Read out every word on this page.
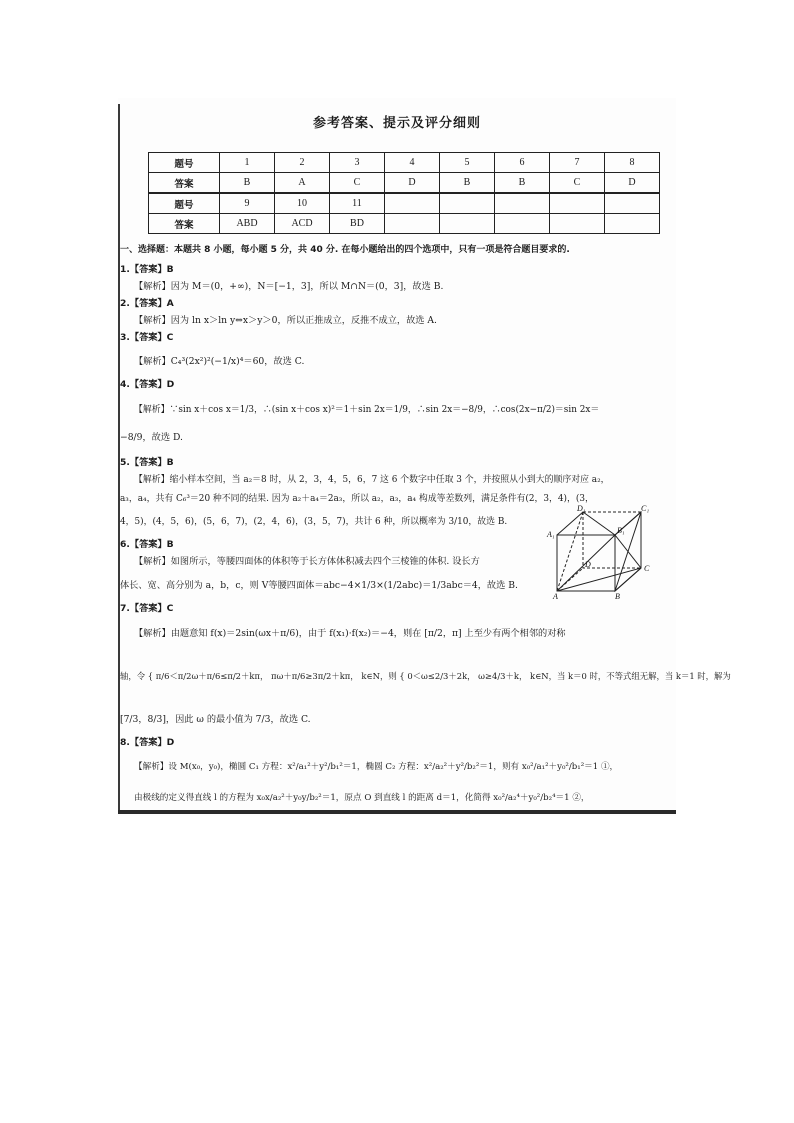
参考答案、提示及评分细则
题号	1	2	3	4	5	6	7	8
答案	B	A	C	D	B	B	C	D
题号	9	10	11					
答案	ABD	ACD	BD					
一、选择题：本题共 8 小题，每小题 5 分，共 40 分. 在每小题给出的四个选项中，只有一项是符合题目要求的.
1.【答案】B
【解析】因为 M＝(0，+∞)，N＝[−1，3]，所以 M∩N＝(0，3]，故选 B.
2.【答案】A
【解析】因为 ln x＞ln y⇔x＞y＞0，所以正推成立，反推不成立，故选 A.
3.【答案】C
【解析】C₄³(2x²)²(−1/x)⁴＝60，故选 C.
4.【答案】D
【解析】∵sin x＋cos x＝1/3，∴(sin x＋cos x)²＝1＋sin 2x＝1/9，∴sin 2x＝−8/9，∴cos(2x−π/2)＝sin 2x＝
−8/9，故选 D.
5.【答案】B
【解析】缩小样本空间，当 a₂＝8 时，从 2，3，4，5，6，7 这 6 个数字中任取 3 个，并按照从小到大的顺序对应 a₂，
a₃，a₄，共有 C₆³＝20 种不同的结果. 因为 a₂＋a₄＝2a₃，所以 a₂，a₃，a₄ 构成等差数列，满足条件有(2，3，4)，(3，
4，5)，(4，5，6)，(5，6，7)，(2，4，6)，(3，5，7)，共计 6 种，所以概率为 3/10，故选 B.
6.【答案】B
【解析】如图所示，等腰四面体的体积等于长方体体积减去四个三棱锥的体积. 设长方
体长、宽、高分别为 a，b，c，则 V等腰四面体＝abc−4×1/3×(1/2abc)＝1/3abc＝4，故选 B.
7.【答案】C
【解析】由题意知 f(x)＝2sin(ωx＋π/6)，由于 f(x₁)·f(x₂)＝−4，则在 [π/2，π] 上至少有两个相邻的对称
轴，令 { π/6＜π/2ω＋π/6≤π/2＋kπ， πω＋π/6≥3π/2＋kπ， k∈N，则 { 0＜ω≤2/3＋2k， ω≥4/3＋k， k∈N，当 k＝0 时，不等式组无解，当 k＝1 时，解为
[7/3，8/3]，因此 ω 的最小值为 7/3，故选 C.
8.【答案】D
【解析】设 M(x₀，y₀)，椭圆 C₁ 方程：x²/a₁²＋y²/b₁²＝1，椭圆 C₂ 方程：x²/a₂²＋y²/b₂²＝1，则有 x₀²/a₁²＋y₀²/b₁²＝1 ①，
由极线的定义得直线 l 的方程为 x₀x/a₂²＋y₀y/b₂²＝1，原点 O 到直线 l 的距离 d＝1，化简得 x₀²/a₂⁴＋y₀²/b₂⁴＝1 ②，
D₁	C₁
A₁	B₁
D	C
A	B
